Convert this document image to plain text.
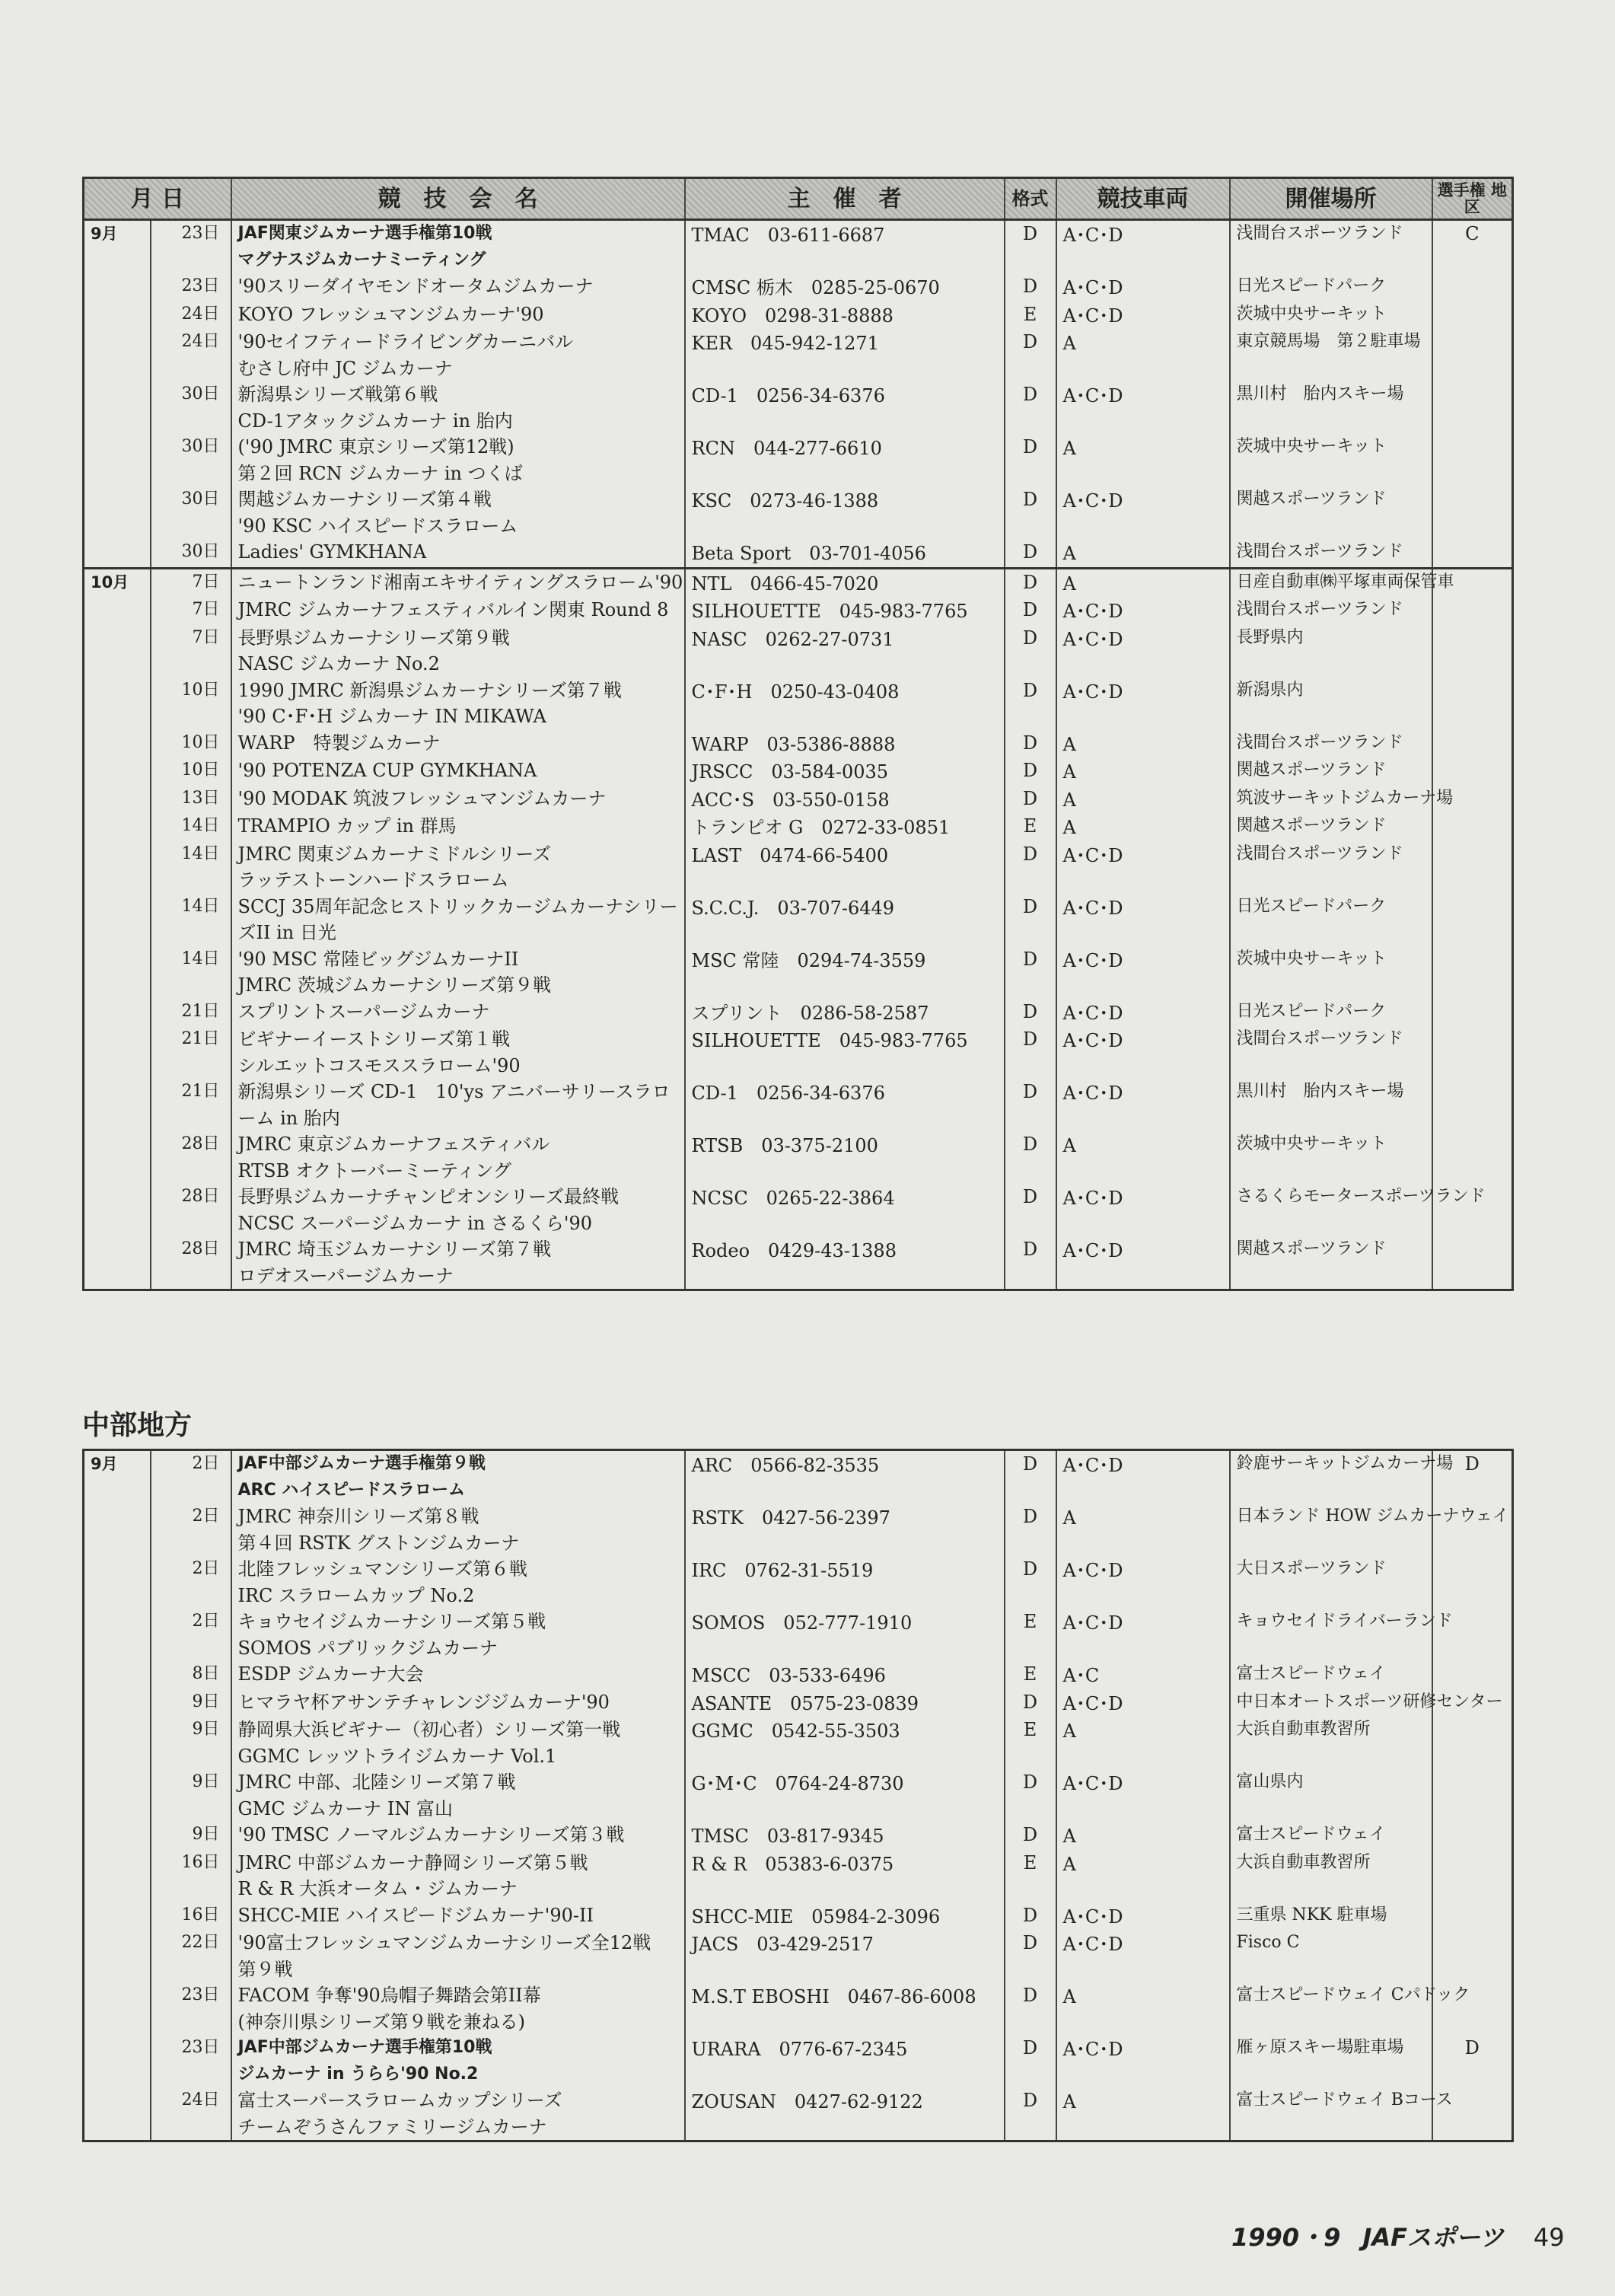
月 日		競　技　会　名	主　催　者	格式	競技車両	開催場所	選手権 地 区
9月	23日	JAF関東ジムカーナ選手権第10戦
マグナスジムカーナミーティング	TMAC　03-611-6687	D	A･C･D	浅間台スポーツランド	C
	23日	'90スリーダイヤモンドオータムジムカーナ	CMSC 栃木　0285-25-0670	D	A･C･D	日光スピードパーク	
	24日	KOYO フレッシュマンジムカーナ'90	KOYO　0298-31-8888	E	A･C･D	茨城中央サーキット	
	24日	'90セイフティードライビングカーニバル
むさし府中 JC ジムカーナ	KER　045-942-1271	D	A	東京競馬場　第２駐車場	
	30日	新潟県シリーズ戦第６戦
CD-1アタックジムカーナ in 胎内	CD-1　0256-34-6376	D	A･C･D	黒川村　胎内スキー場	
	30日	('90 JMRC 東京シリーズ第12戦)
第２回 RCN ジムカーナ in つくば	RCN　044-277-6610	D	A	茨城中央サーキット	
	30日	関越ジムカーナシリーズ第４戦
'90 KSC ハイスピードスラローム	KSC　0273-46-1388	D	A･C･D	関越スポーツランド	
	30日	Ladies' GYMKHANA	Beta Sport　03-701-4056	D	A	浅間台スポーツランド	
10月	7日	ニュートンランド湘南エキサイティングスラローム'90	NTL　0466-45-7020	D	A	日産自動車㈱平塚車両保管車	
	7日	JMRC ジムカーナフェスティバルイン関東 Round 8	SILHOUETTE　045-983-7765	D	A･C･D	浅間台スポーツランド	
	7日	長野県ジムカーナシリーズ第９戦
NASC ジムカーナ No.2	NASC　0262-27-0731	D	A･C･D	長野県内	
	10日	1990 JMRC 新潟県ジムカーナシリーズ第７戦
'90 C･F･H ジムカーナ IN MIKAWA	C･F･H　0250-43-0408	D	A･C･D	新潟県内	
	10日	WARP　特製ジムカーナ	WARP　03-5386-8888	D	A	浅間台スポーツランド	
	10日	'90 POTENZA CUP GYMKHANA	JRSCC　03-584-0035	D	A	関越スポーツランド	
	13日	'90 MODAK 筑波フレッシュマンジムカーナ	ACC･S　03-550-0158	D	A	筑波サーキットジムカーナ場	
	14日	TRAMPIO カップ in 群馬	トランピオ G　0272-33-0851	E	A	関越スポーツランド	
	14日	JMRC 関東ジムカーナミドルシリーズ
ラッテストーンハードスラローム	LAST　0474-66-5400	D	A･C･D	浅間台スポーツランド	
	14日	SCCJ 35周年記念ヒストリックカージムカーナシリー
ズII in 日光	S.C.C.J.　03-707-6449	D	A･C･D	日光スピードパーク	
	14日	'90 MSC 常陸ビッグジムカーナII
JMRC 茨城ジムカーナシリーズ第９戦	MSC 常陸　0294-74-3559	D	A･C･D	茨城中央サーキット	
	21日	スプリントスーパージムカーナ	スプリント　0286-58-2587	D	A･C･D	日光スピードパーク	
	21日	ビギナーイーストシリーズ第１戦
シルエットコスモススラローム'90	SILHOUETTE　045-983-7765	D	A･C･D	浅間台スポーツランド	
	21日	新潟県シリーズ CD-1　10'ys アニバーサリースラロ
ーム in 胎内	CD-1　0256-34-6376	D	A･C･D	黒川村　胎内スキー場	
	28日	JMRC 東京ジムカーナフェスティバル
RTSB オクトーバーミーティング	RTSB　03-375-2100	D	A	茨城中央サーキット	
	28日	長野県ジムカーナチャンピオンシリーズ最終戦
NCSC スーパージムカーナ in さるくら'90	NCSC　0265-22-3864	D	A･C･D	さるくらモータースポーツランド	
	28日	JMRC 埼玉ジムカーナシリーズ第７戦
ロデオスーパージムカーナ	Rodeo　0429-43-1388	D	A･C･D	関越スポーツランド	
中部地方
9月	2日	JAF中部ジムカーナ選手権第９戦
ARC ハイスピードスラローム	ARC　0566-82-3535	D	A･C･D	鈴鹿サーキットジムカーナ場	D
	2日	JMRC 神奈川シリーズ第８戦
第４回 RSTK グストンジムカーナ	RSTK　0427-56-2397	D	A	日本ランド HOW ジムカーナウェイ	
	2日	北陸フレッシュマンシリーズ第６戦
IRC スラロームカップ No.2	IRC　0762-31-5519	D	A･C･D	大日スポーツランド	
	2日	キョウセイジムカーナシリーズ第５戦
SOMOS パブリックジムカーナ	SOMOS　052-777-1910	E	A･C･D	キョウセイドライバーランド	
	8日	ESDP ジムカーナ大会	MSCC　03-533-6496	E	A･C	富士スピードウェイ	
	9日	ヒマラヤ杯アサンテチャレンジジムカーナ'90	ASANTE　0575-23-0839	D	A･C･D	中日本オートスポーツ研修センター	
	9日	静岡県大浜ビギナー（初心者）シリーズ第一戦
GGMC レッツトライジムカーナ Vol.1	GGMC　0542-55-3503	E	A	大浜自動車教習所	
	9日	JMRC 中部、北陸シリーズ第７戦
GMC ジムカーナ IN 富山	G･M･C　0764-24-8730	D	A･C･D	富山県内	
	9日	'90 TMSC ノーマルジムカーナシリーズ第３戦	TMSC　03-817-9345	D	A	富士スピードウェイ	
	16日	JMRC 中部ジムカーナ静岡シリーズ第５戦
R & R 大浜オータム・ジムカーナ	R & R　05383-6-0375	E	A	大浜自動車教習所	
	16日	SHCC-MIE ハイスピードジムカーナ'90-II	SHCC-MIE　05984-2-3096	D	A･C･D	三重県 NKK 駐車場	
	22日	'90富士フレッシュマンジムカーナシリーズ全12戦
第９戦	JACS　03-429-2517	D	A･C･D	Fisco C	
	23日	FACOM 争奪'90烏帽子舞踏会第II幕
(神奈川県シリーズ第９戦を兼ねる)	M.S.T EBOSHI　0467-86-6008	D	A	富士スピードウェイ Cパドック	
	23日	JAF中部ジムカーナ選手権第10戦
ジムカーナ in うらら'90 No.2	URARA　0776-67-2345	D	A･C･D	雁ヶ原スキー場駐車場	D
	24日	富士スーパースラロームカップシリーズ
チームぞうさんファミリージムカーナ	ZOUSAN　0427-62-9122	D	A	富士スピードウェイ Bコース	
1990・9 JAFスポーツ 49
